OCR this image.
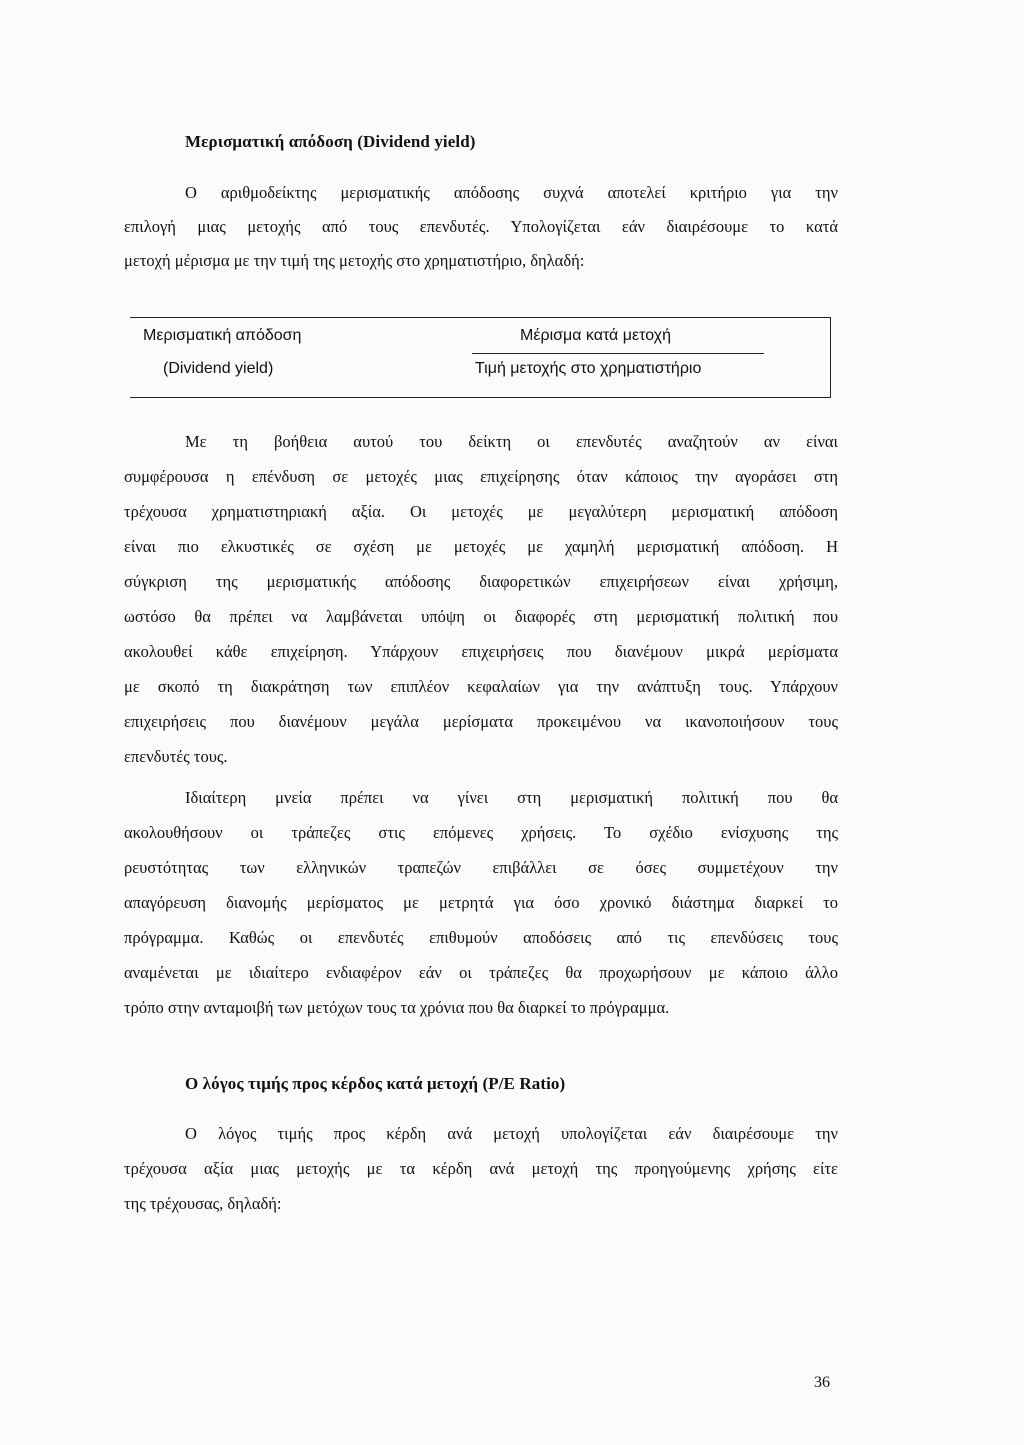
Μερισματική απόδοση (Dividend yield)
Ο αριθμοδείκτης μερισματικής απόδοσης συχνά αποτελεί κριτήριο για την
επιλογή μιας μετοχής από τους επενδυτές. Υπολογίζεται εάν διαιρέσουμε το κατά
μετοχή μέρισμα με την τιμή της μετοχής στο χρηματιστήριο, δηλαδή:
Μερισματική απόδοση
(Dividend yield)
Μέρισμα κατά μετοχή
Τιμή μετοχής στο χρηματιστήριο
Με τη βοήθεια αυτού του δείκτη οι επενδυτές αναζητούν αν είναι
συμφέρουσα η επένδυση σε μετοχές μιας επιχείρησης όταν κάποιος την αγοράσει στη
τρέχουσα χρηματιστηριακή αξία. Οι μετοχές με μεγαλύτερη μερισματική απόδοση
είναι πιο ελκυστικές σε σχέση με μετοχές με χαμηλή μερισματική απόδοση. Η
σύγκριση της μερισματικής απόδοσης διαφορετικών επιχειρήσεων είναι χρήσιμη,
ωστόσο θα πρέπει να λαμβάνεται υπόψη οι διαφορές στη μερισματική πολιτική που
ακολουθεί κάθε επιχείρηση. Υπάρχουν επιχειρήσεις που διανέμουν μικρά μερίσματα
με σκοπό τη διακράτηση των επιπλέον κεφαλαίων για την ανάπτυξη τους. Υπάρχουν
επιχειρήσεις που διανέμουν μεγάλα μερίσματα προκειμένου να ικανοποιήσουν τους
επενδυτές τους.
Ιδιαίτερη μνεία πρέπει να γίνει στη μερισματική πολιτική που θα
ακολουθήσουν οι τράπεζες στις επόμενες χρήσεις. Το σχέδιο ενίσχυσης της
ρευστότητας των ελληνικών τραπεζών επιβάλλει σε όσες συμμετέχουν την
απαγόρευση διανομής μερίσματος με μετρητά για όσο χρονικό διάστημα διαρκεί το
πρόγραμμα. Καθώς οι επενδυτές επιθυμούν αποδόσεις από τις επενδύσεις τους
αναμένεται με ιδιαίτερο ενδιαφέρον εάν οι τράπεζες θα προχωρήσουν με κάποιο άλλο
τρόπο στην ανταμοιβή των μετόχων τους τα χρόνια που θα διαρκεί το πρόγραμμα.
Ο λόγος τιμής προς κέρδος κατά μετοχή (P/E Ratio)
Ο λόγος τιμής προς κέρδη ανά μετοχή υπολογίζεται εάν διαιρέσουμε την
τρέχουσα αξία μιας μετοχής με τα κέρδη ανά μετοχή της προηγούμενης χρήσης είτε
της τρέχουσας, δηλαδή:
36
